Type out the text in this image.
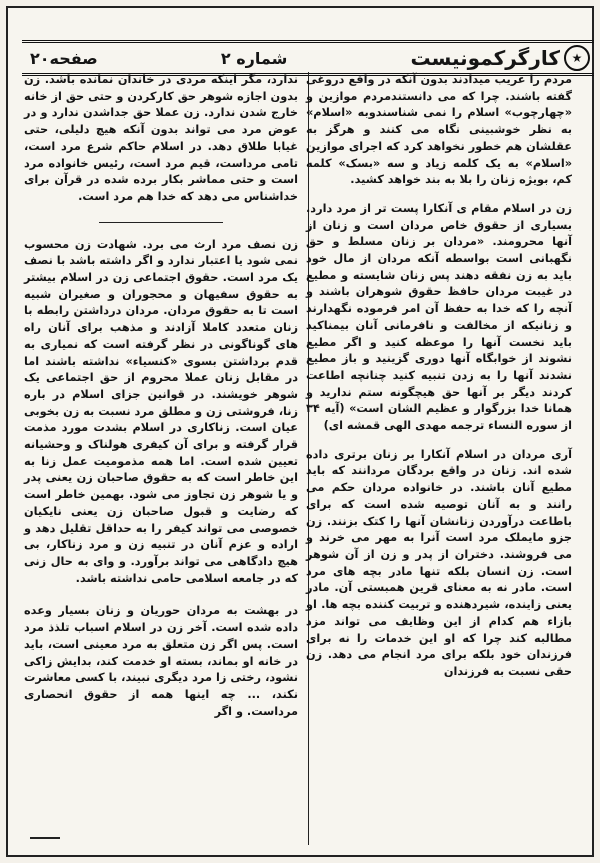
صفحه۲۰	شماره ۲	کارگرکمونیست ★

مردم را عریب میدادند بدون آنکه در واقع دروغی گفته باشند. چرا که می دانستندمردم موازین و «چهارچوب» اسلام را نمی شناسندوبه «اسلام» به نظر خوشبینی نگاه می کنند و هرگز به عقلشان هم خطور نخواهد کرد که اجرای موازین «اسلام» به یک کلمه زیاد و سه «بسک» کلمه کم، بویژه زنان را بلا به بند خواهد کشید.

زن در اسلام مقام ی آنکارا پست تر از مرد دارد. بسیاری از حقوق خاص مردان است و زنان از آنها محرومند. «مردان بر زنان مسلط و حق نگهبانی است بواسطه آنکه مردان از مال خود باید به زن نفقه دهند پس زنان شایسته و مطیع در غیبت مردان حافظ حقوق شوهران باشند و آنچه را که خدا به حفظ آن امر فرموده نگهدارند و زنانیکه از مخالفت و نافرمانی آنان بیمناکید باید نخست آنها را موعظه کنید و اگر مطیع نشوند از خوابگاه آنها دوری گزینید و باز مطیع نشدند آنها را به زدن تنبیه کنید چنانچه اطاعت کردند دیگر بر آنها حق هیچگونه ستم ندارید و همانا خدا بزرگوار و عظیم الشان است» (آیه ۳۴ از سوره النساء ترجمه مهدی الهی قمشه ای)

آری مردان در اسلام آنکارا بر زنان برتری داده شده اند. زنان در واقع بردگان مردانند که باید مطیع آنان باشند. در خانواده مردان حکم می رانند و به آنان توصیه شده است که برای باطاعت درآوردن زنانشان آنها را کتک بزنند. زن جزو مایملک مرد است آنرا به مهر می خرند و می فروشند. دختران از پدر و زن از آن شوهر است. زن انسان بلکه تنها مادر بچه های مرد است. مادر نه به معنای قرین همبستی آن. مادر یعنی زاینده، شیردهنده و تربیت کننده بچه ها. او بازاء هم کدام از این وظایف می تواند مزد مطالبه کند چرا که او این خدمات را نه برای فرزندان خود بلکه برای مرد انجام می دهد. زن حقی نسبت به فرزندان

ندارد، مگر اینکه مردی در خاندان نمانده باشد. زن بدون اجازه شوهر حق کارکردن و حتی حق از خانه خارج شدن ندارد. زن عملا حق جداشدن ندارد و در عوض مرد می تواند بدون آنکه هیچ دلیلی، حتی غیابا طلاق دهد. در اسلام حاکم شرع مرد است، تامی مرداست، قیم مرد است، رئیس خانواده مرد است و حتی مماشر بکار برده شده در قرآن برای خداشناس می دهد که خدا هم مرد است.

زن نصف مرد ارث می برد. شهادت زن محسوب نمی شود یا اعتبار ندارد و اگر داشته باشد با نصف یک مرد است. حقوق اجتماعی زن در اسلام بیشتر به حقوق سفیهان و محجوران و صغیران شبیه است تا به حقوق مردان. مردان درداشتن رابطه با زنان متعدد کاملا آزادند و مذهب برای آنان راه های گوناگونی در نظر گرفته است که نمیاری به قدم برداشتن بسوی «کنسیاء» نداشته باشند اما در مقابل زنان عملا محروم از حق اجتماعی یک شوهر خویشند. در قوانین جزای اسلام در باره زنا، فروشتی زن و مطلق مرد نسبت به زن بخوبی عیان است. زناکاری در اسلام بشدت مورد مذمت قرار گرفته و برای آن کیفری هولناک و وحشیانه تعیین شده است. اما همه مذمومیت عمل زنا به این خاطر است که به حقوق صاحبان زن یعنی پدر و یا شوهر زن تجاوز می شود. بهمین خاطر است که رضایت و قبول صاحبان زن یعنی نایکیان خصوصی می تواند کیفر را به حداقل تقلیل دهد و اراده و عزم آنان در تنبیه زن و مرد زناکار، بی هیچ دادگاهی می تواند برآورد. و وای به حال زنی که در جامعه اسلامی حامی نداشته باشد.

در بهشت به مردان حوریان و زنان بسیار وعده داده شده است. آخر زن در اسلام اسباب تلذذ مرد است. پس اگر زن متعلق به مرد معینی است، باید در خانه او بماند، بسته او خدمت کند، بدایش زاکی نشود، رختی زا مرد دیگری نبیند، با کسی معاشرت نکند، ... چه اینها همه از حقوق انحصاری مرداست. و اگر
